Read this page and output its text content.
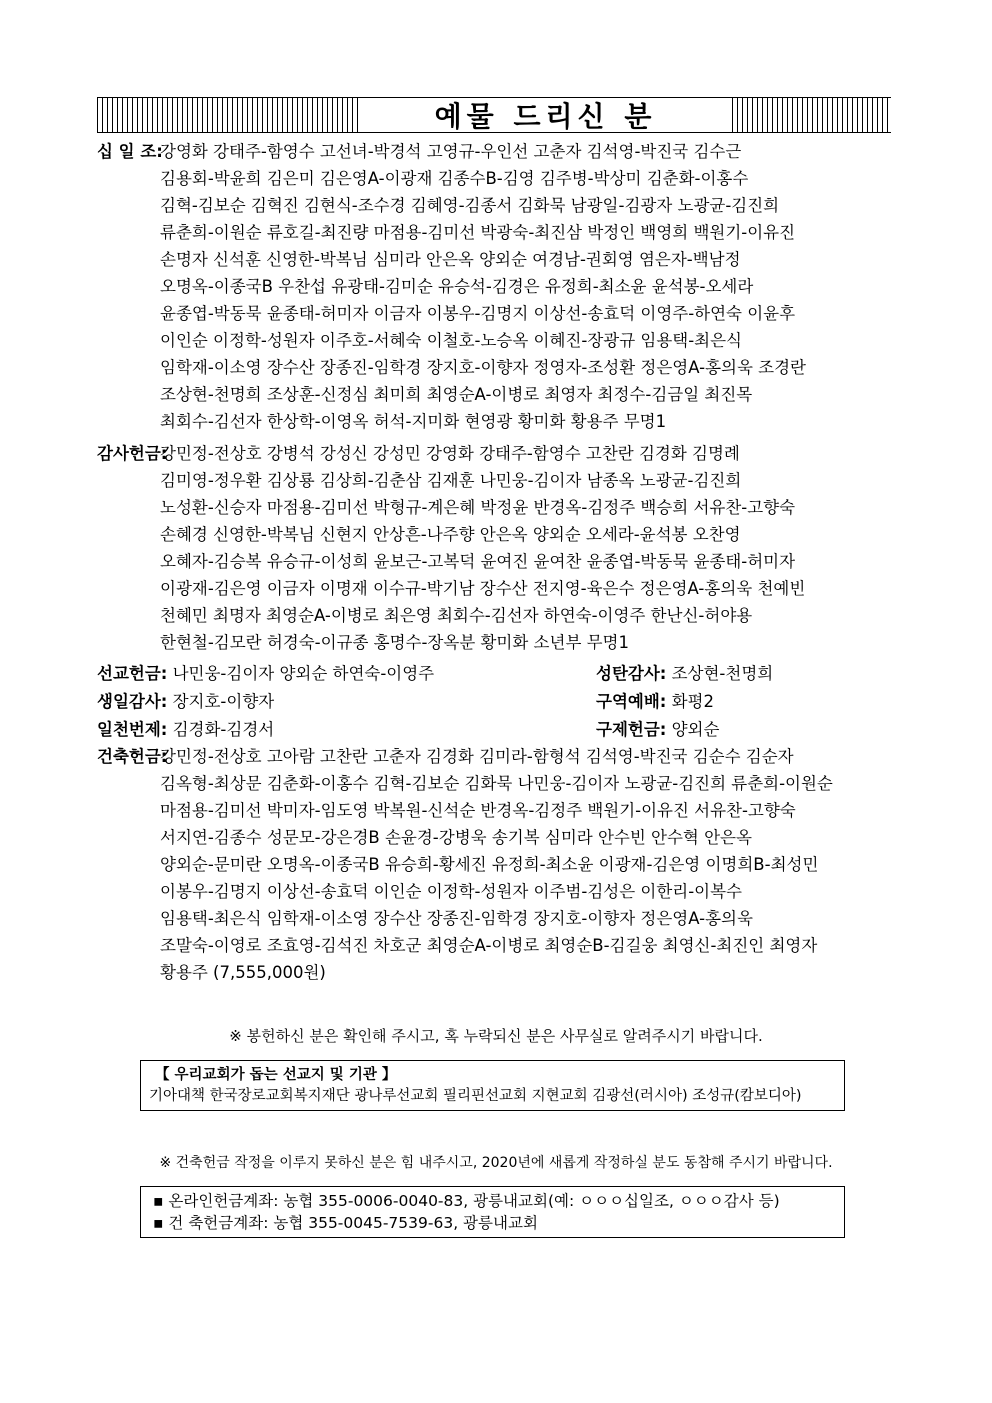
예물 드리신 분
십 일 조:
강영화 강태주-함영수 고선녀-박경석 고영규-우인선 고춘자 김석영-박진국 김수근
김용회-박윤희 김은미 김은영A-이광재 김종수B-김영 김주병-박상미 김춘화-이홍수
김혁-김보순 김혁진 김현식-조수경 김혜영-김종서 김화묵 남광일-김광자 노광균-김진희
류춘희-이원순 류호길-최진량 마점용-김미선 박광숙-최진삼 박정인 백영희 백원기-이유진
손명자 신석훈 신영한-박복님 심미라 안은옥 양외순 여경남-권회영 염은자-백남정
오명옥-이종국B 우찬섭 유광태-김미순 유승석-김경은 유정희-최소윤 윤석봉-오세라
윤종엽-박동묵 윤종태-허미자 이금자 이봉우-김명지 이상선-송효덕 이영주-하연숙 이윤후
이인순 이정학-성원자 이주호-서혜숙 이철호-노승옥 이혜진-장광규 임용택-최은식
임학재-이소영 장수산 장종진-임학경 장지호-이향자 정영자-조성환 정은영A-홍의욱 조경란
조상현-천명희 조상훈-신정심 최미희 최영순A-이병로 최영자 최정수-김금일 최진목
최회수-김선자 한상학-이영옥 허석-지미화 현영광 황미화 황용주 무명1
감사헌금:
강민정-전상호 강병석 강성신 강성민 강영화 강태주-함영수 고찬란 김경화 김명례
김미영-정우환 김상룡 김상희-김춘삼 김재훈 나민웅-김이자 남종옥 노광균-김진희
노성환-신승자 마점용-김미선 박형규-계은혜 박정윤 반경옥-김정주 백승희 서유찬-고향숙
손혜경 신영한-박복님 신현지 안상흔-나주향 안은옥 양외순 오세라-윤석봉 오찬영
오혜자-김승복 유승규-이성희 윤보근-고복덕 윤여진 윤여찬 윤종엽-박동묵 윤종태-허미자
이광재-김은영 이금자 이명재 이수규-박기남 장수산 전지영-육은수 정은영A-홍의욱 천예빈
천혜민 최명자 최영순A-이병로 최은영 최회수-김선자 하연숙-이영주 한난신-허야용
한현철-김모란 허경숙-이규종 홍명수-장옥분 황미화 소년부 무명1
선교헌금: 나민웅-김이자 양외순 하연숙-이영주	성탄감사: 조상현-천명희
생일감사: 장지호-이향자	구역예배: 화평2
일천번제: 김경화-김경서	구제헌금: 양외순
건축헌금:
강민정-전상호 고아람 고찬란 고춘자 김경화 김미라-함형석 김석영-박진국 김순수 김순자
김옥형-최상문 김춘화-이홍수 김혁-김보순 김화묵 나민웅-김이자 노광균-김진희 류춘희-이원순
마점용-김미선 박미자-임도영 박복원-신석순 반경옥-김정주 백원기-이유진 서유찬-고향숙
서지연-김종수 성문모-강은경B 손윤경-강병욱 송기복 심미라 안수빈 안수혁 안은옥
양외순-문미란 오명옥-이종국B 유승희-황세진 유정희-최소윤 이광재-김은영 이명희B-최성민
이봉우-김명지 이상선-송효덕 이인순 이정학-성원자 이주범-김성은 이한리-이복수
임용택-최은식 임학재-이소영 장수산 장종진-임학경 장지호-이향자 정은영A-홍의욱
조말숙-이영로 조효영-김석진 차호군 최영순A-이병로 최영순B-김길웅 최영신-최진인 최영자
황용주 (7,555,000원)
※ 봉헌하신 분은 확인해 주시고, 혹 누락되신 분은 사무실로 알려주시기 바랍니다.
【 우리교회가 돕는 선교지 및 기관 】
기아대책 한국장로교회복지재단 광나루선교회 필리핀선교회 지현교회 김광선(러시아) 조성규(캄보디아)
※ 건축헌금 작정을 이루지 못하신 분은 힘 내주시고, 2020년에 새롭게 작정하실 분도 동참해 주시기 바랍니다.
▪ 온라인헌금계좌: 농협 355-0006-0040-83, 광릉내교회(예: ㅇㅇㅇ십일조, ㅇㅇㅇ감사 등)
▪ 건 축헌금계좌: 농협 355-0045-7539-63, 광릉내교회
